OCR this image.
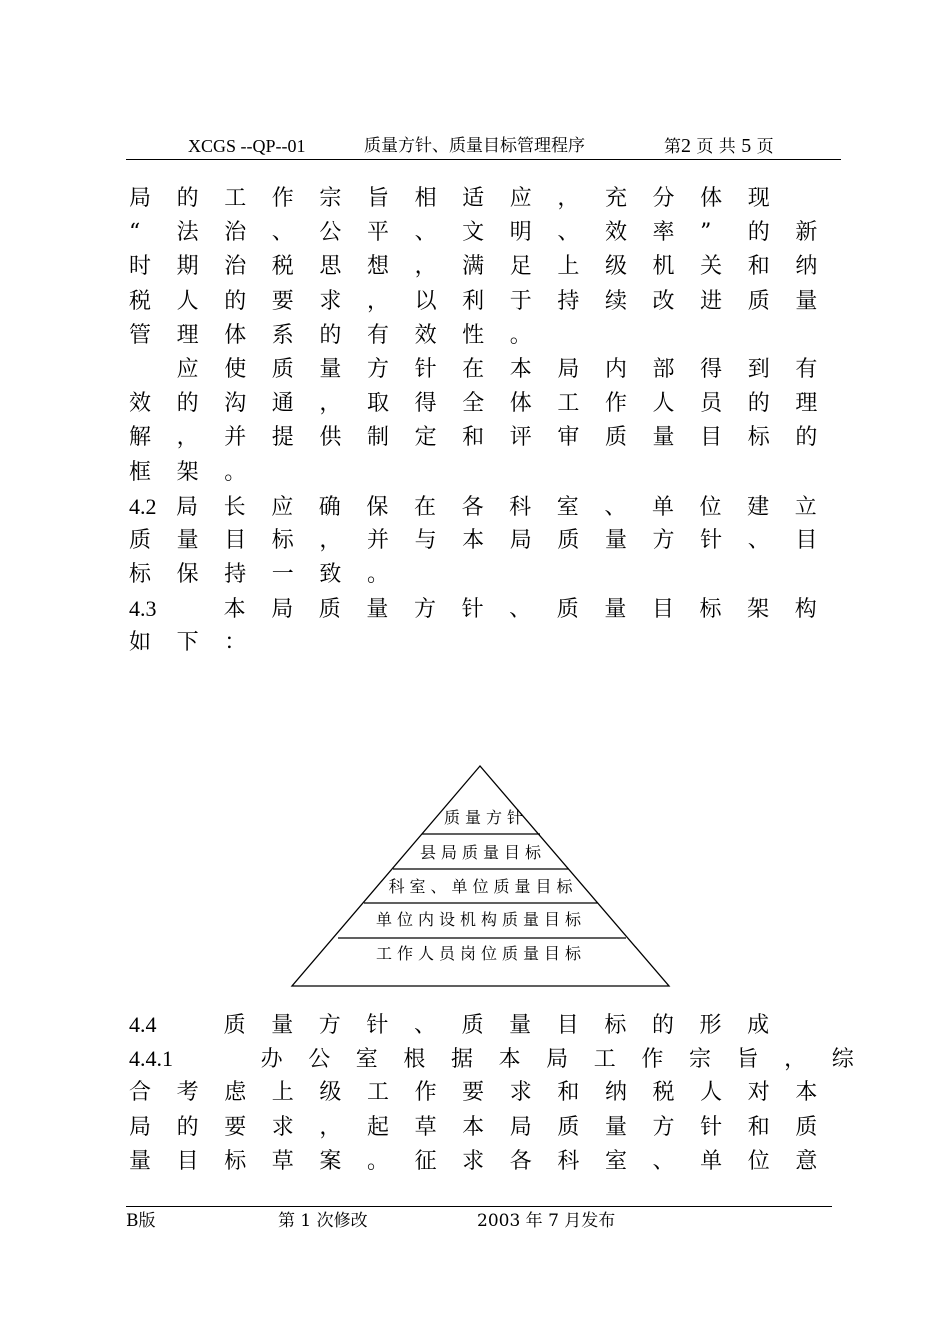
XCGS --QP--01	质量方针、质量目标管理程序	第2 页 共 5 页
局 的 工 作 宗 旨 相 适 应 ， 充 分 体 现
“ 法 治 、 公 平 、 文 明 、 效 率 ” 的 新
时 期 治 税 思 想 ， 满 足 上 级 机 关 和 纳
税 人 的 要 求 ， 以 利 于 持 续 改 进 质 量
管 理 体 系 的 有 效 性 。
应 使 质 量 方 针 在 本 局 内 部 得 到 有
效 的 沟 通 ， 取 得 全 体 工 作 人 员 的 理
解 ， 并 提 供 制 定 和 评 审 质 量 目 标 的
框 架 。
4.2 局 长 应 确 保 在 各 科 室 、 单 位 建 立
质 量 目 标 ， 并 与 本 局 质 量 方 针 、 目
标 保 持 一 致 。
4.3	本 局 质 量 方 针 、 质 量 目 标 架 构
如 下 ：
质量方针
县局质量目标
科室、单位质量目标
单位内设机构质量目标
工作人员岗位质量目标
4.4	质 量 方 针 、 质 量 目 标 的 形 成
4.4.1	办 公 室 根 据 本 局 工 作 宗 旨 ， 综
合 考 虑 上 级 工 作 要 求 和 纳 税 人 对 本
局 的 要 求 ， 起 草 本 局 质 量 方 针 和 质
量 目 标 草 案 。 征 求 各 科 室 、 单 位 意
B版	第 1 次修改	2003 年 7 月发布
